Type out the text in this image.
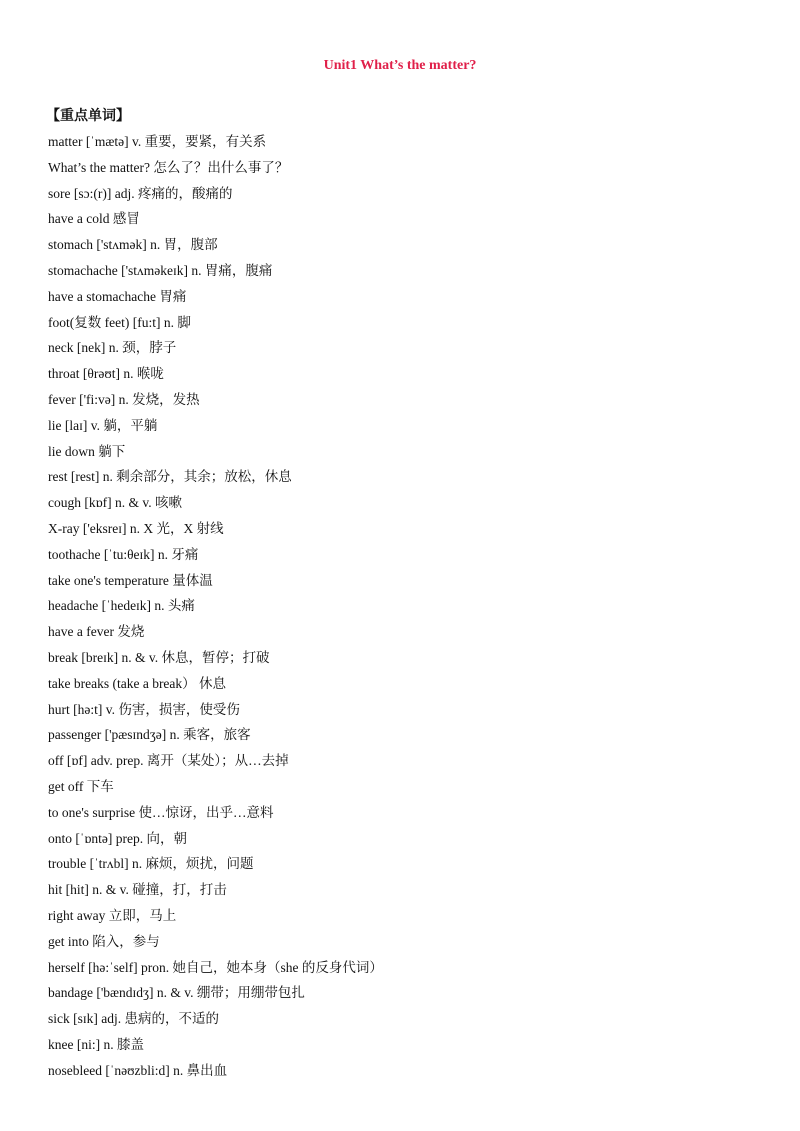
Unit1 What’s the matter?
【重点单词】
matter [ˈmætə] v. 重要，要紧，有关系
What’s the matter? 怎么了？出什么事了？
sore [sɔ:(r)] adj. 疼痛的，酸痛的
have a cold 感冒
stomach ['stʌmək] n. 胃，腹部
stomachache ['stʌməkeɪk] n. 胃痛，腹痛
have a stomachache 胃痛
foot(复数 feet) [fu:t] n. 脚
neck [nek] n. 颈，脖子
throat [θrəʊt] n. 喉咙
fever ['fi:və] n. 发烧，发热
lie [laɪ] v. 躺，平躺
lie down 躺下
rest [rest] n. 剩余部分，其余；放松，休息
cough [kɒf] n. & v. 咳嗽
X-ray ['eksreɪ] n. X 光，X 射线
toothache [ˈtu:θeɪk] n. 牙痛
take one's temperature 量体温
headache [ˈhedeɪk] n. 头痛
have a fever 发烧
break [breɪk] n. & v. 休息，暂停；打破
take breaks (take a break） 休息
hurt [hə:t] v. 伤害，损害，使受伤
passenger ['pæsɪndʒə] n. 乘客，旅客
off [ɒf] adv. prep. 离开（某处）；从…去掉
get off 下车
to one's surprise 使…惊讶，出乎…意料
onto [ˈɒntə] prep. 向，朝
trouble [ˈtrʌbl] n. 麻烦，烦扰，问题
hit [hit] n. & v. 碰撞，打，打击
right away 立即，马上
get into 陷入，参与
herself [hə:ˈself] pron. 她自己，她本身（she 的反身代词）
bandage ['bændɪdʒ] n. & v. 绷带；用绷带包扎
sick [sɪk] adj. 患病的，不适的
knee [ni:] n. 膝盖
nosebleed [ˈnəʊzbli:d] n. 鼻出血
